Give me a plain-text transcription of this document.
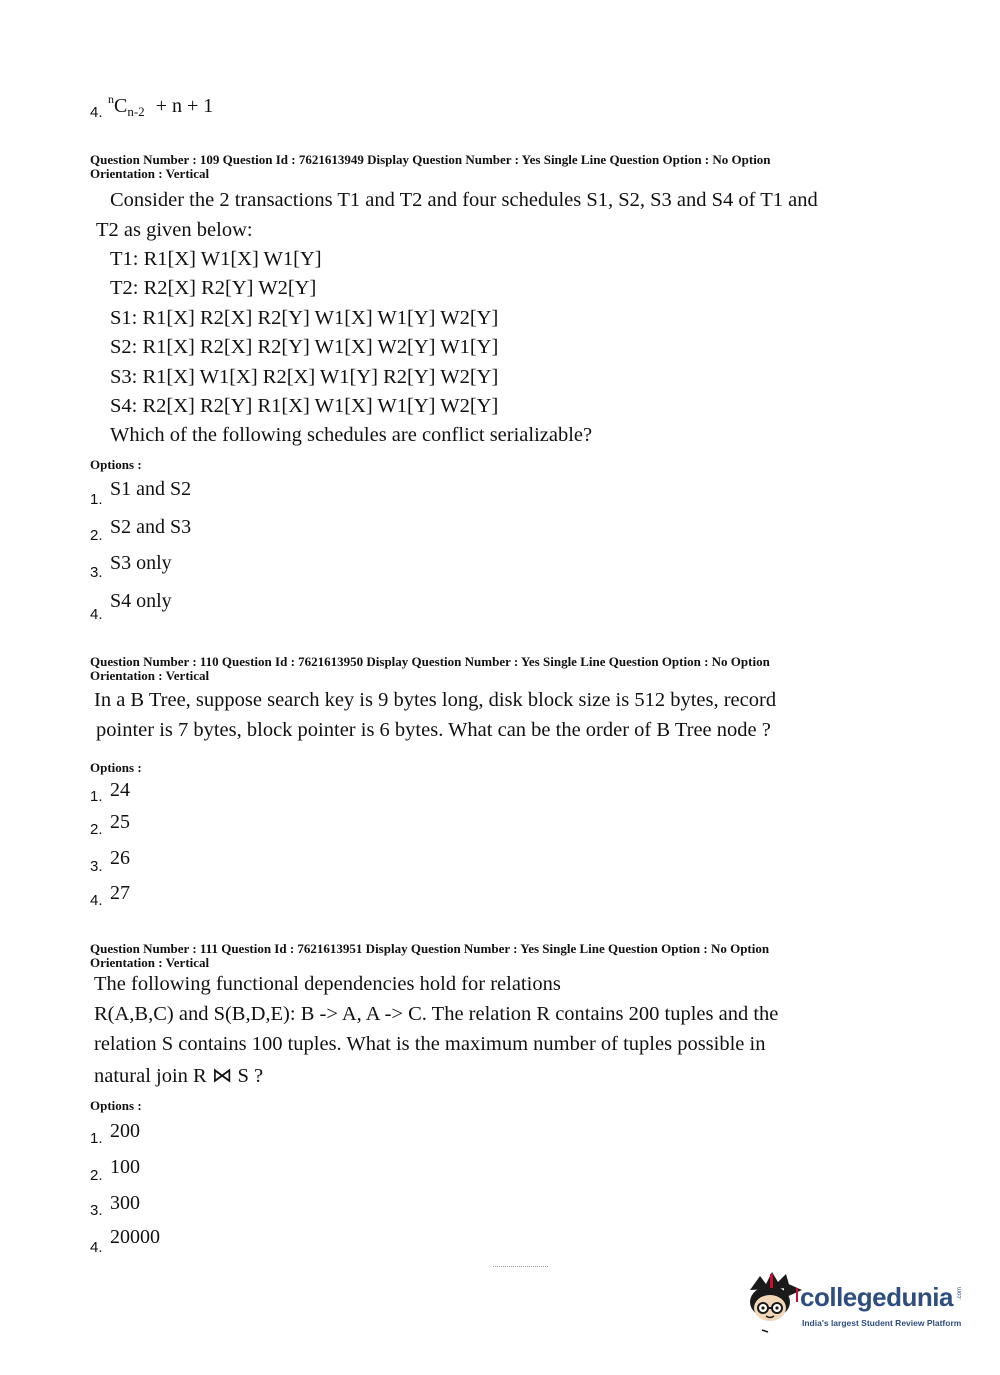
4.
$^nC_{n-2} + n + 1$
Question Number : 109 Question Id : 7621613949 Display Question Number : Yes Single Line Question Option : No Option
Orientation : Vertical
Consider the 2 transactions T1 and T2 and four schedules S1, S2, S3 and S4 of T1 and
T2 as given below:
T1: R1[X] W1[X] W1[Y]
T2: R2[X] R2[Y] W2[Y]
S1: R1[X] R2[X] R2[Y] W1[X] W1[Y] W2[Y]
S2: R1[X] R2[X] R2[Y] W1[X] W2[Y] W1[Y]
S3: R1[X] W1[X] R2[X] W1[Y] R2[Y] W2[Y]
S4: R2[X] R2[Y] R1[X] W1[X] W1[Y] W2[Y]
Which of the following schedules are conflict serializable?
Options :
1. S1 and S2
2. S2 and S3
3. S3 only
4.
S4 only
Question Number : 110 Question Id : 7621613950 Display Question Number : Yes Single Line Question Option : No Option
Orientation : Vertical
In a B Tree, suppose search key is 9 bytes long, disk block size is 512 bytes, record
pointer is 7 bytes, block pointer is 6 bytes. What can be the order of B Tree node ?
Options :
1. 24
2. 25
3. 26
4. 27
Question Number : 111 Question Id : 7621613951 Display Question Number : Yes Single Line Question Option : No Option
Orientation : Vertical
The following functional dependencies hold for relations
R(A,B,C) and S(B,D,E): B -> A, A -> C. The relation R contains 200 tuples and the
relation S contains 100 tuples. What is the maximum number of tuples possible in
natural join R ⋈ S ?
Options :
1. 200
2. 100
3. 300
4. 20000
collegedunia .com
India's largest Student Review Platform
